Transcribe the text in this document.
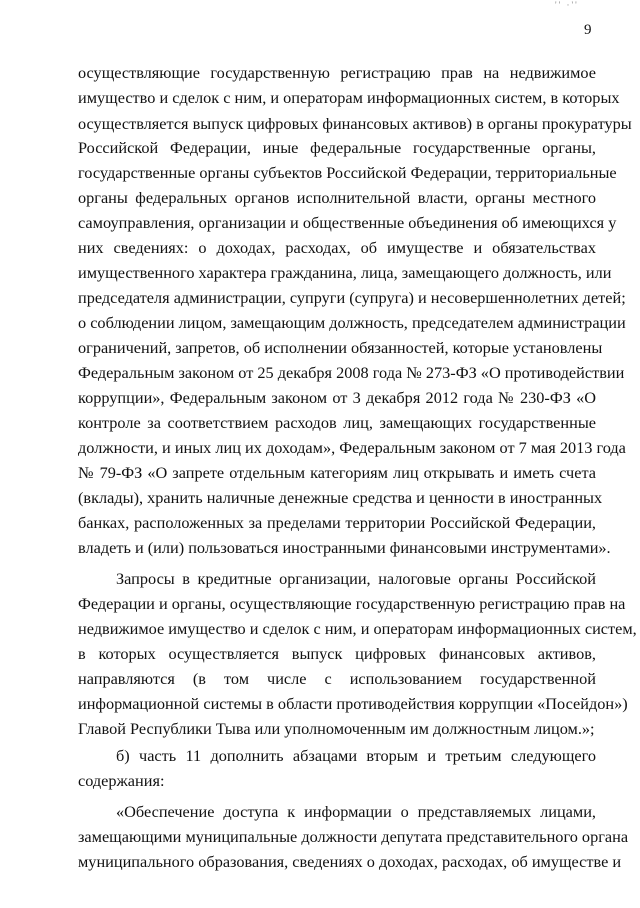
'' ·''
9
осуществляющие государственную регистрацию прав на недвижимое
имущество и сделок с ним, и операторам информационных систем, в которых
осуществляется выпуск цифровых финансовых активов) в органы прокуратуры
Российской Федерации, иные федеральные государственные органы,
государственные органы субъектов Российской Федерации, территориальные
органы федеральных органов исполнительной власти, органы местного
самоуправления, организации и общественные объединения об имеющихся у
них сведениях: о доходах, расходах, об имуществе и обязательствах
имущественного характера гражданина, лица, замещающего должность, или
председателя администрации, супруги (супруга) и несовершеннолетних детей;
о соблюдении лицом, замещающим должность, председателем администрации
ограничений, запретов, об исполнении обязанностей, которые установлены
Федеральным законом от 25 декабря 2008 года № 273-ФЗ «О противодействии
коррупции», Федеральным законом от 3 декабря 2012 года № 230-ФЗ «О
контроле за соответствием расходов лиц, замещающих государственные
должности, и иных лиц их доходам», Федеральным законом от 7 мая 2013 года
№ 79-ФЗ «О запрете отдельным категориям лиц открывать и иметь счета
(вклады), хранить наличные денежные средства и ценности в иностранных
банках, расположенных за пределами территории Российской Федерации,
владеть и (или) пользоваться иностранными финансовыми инструментами».
Запросы в кредитные организации, налоговые органы Российской
Федерации и органы, осуществляющие государственную регистрацию прав на
недвижимое имущество и сделок с ним, и операторам информационных систем,
в которых осуществляется выпуск цифровых финансовых активов,
направляются (в том числе с использованием государственной
информационной системы в области противодействия коррупции «Посейдон»)
Главой Республики Тыва или уполномоченным им должностным лицом.»;
б) часть 11 дополнить абзацами вторым и третьим следующего
содержания:
«Обеспечение доступа к информации о представляемых лицами,
замещающими муниципальные должности депутата представительного органа
муниципального образования, сведениях о доходах, расходах, об имуществе и
